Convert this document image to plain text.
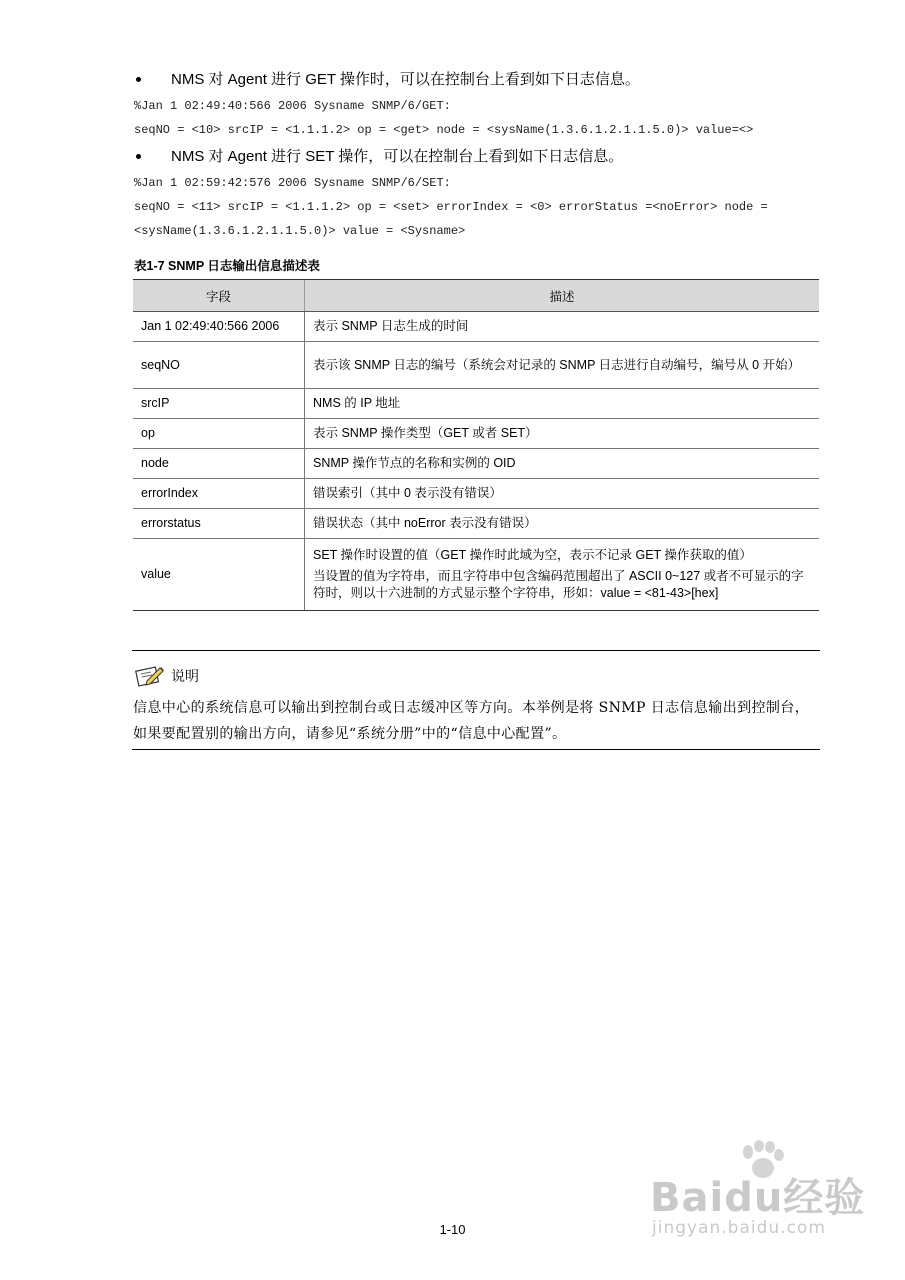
NMS 对 Agent 进行 GET 操作时，可以在控制台上看到如下日志信息。
%Jan 1 02:49:40:566 2006 Sysname SNMP/6/GET:
seqNO = <10> srcIP = <1.1.1.2> op = <get> node = <sysName(1.3.6.1.2.1.1.5.0)> value=<>
NMS 对 Agent 进行 SET 操作，可以在控制台上看到如下日志信息。
%Jan 1 02:59:42:576 2006 Sysname SNMP/6/SET:
seqNO = <11> srcIP = <1.1.1.2> op = <set> errorIndex = <0> errorStatus =<noError> node =
<sysName(1.3.6.1.2.1.1.5.0)> value = <Sysname>
表1-7 SNMP 日志输出信息描述表
字段	描述
Jan 1 02:49:40:566 2006	表示 SNMP 日志生成的时间

seqNO	表示该 SNMP 日志的编号（系统会对记录的 SNMP 日志进行自动编号，编号从 0 开始）

srcIP	NMS 的 IP 地址

op	表示 SNMP 操作类型（GET 或者 SET）

node	SNMP 操作节点的名称和实例的 OID

errorIndex	错误索引（其中 0 表示没有错误）

errorstatus	错误状态（其中 noError 表示没有错误）

value	SET 操作时设置的值（GET 操作时此域为空，表示不记录 GET 操作获取的值）

当设置的值为字符串，而且字符串中包含编码范围超出了 ASCII 0~127 或者不可显示的字符时，则以十六进制的方式显示整个字符串，形如：value = <81-43>[hex]

说明
信息中心的系统信息可以输出到控制台或日志缓冲区等方向。本举例是将 SNMP 日志信息输出到控制台，如果要配置别的输出方向，请参见“系统分册”中的“信息中心配置”。
Baidu经验
jingyan.baidu.com
1-10
